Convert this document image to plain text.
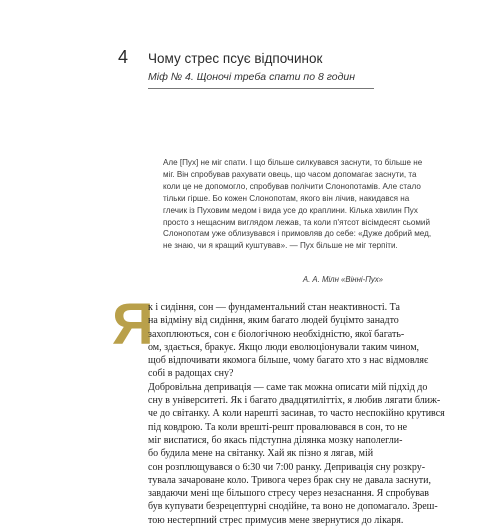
4	Чому стрес псує відпочинок
Міф № 4. Щоночі треба спати по 8 годин
Але [Пух] не міг спати. І що більше силкувався заснути, то більше не
міг. Він спробував рахувати овець, що часом допомагає заснути, та
коли це не допомогло, спробував полічити Слонопотамів. Але стало
тільки гірше. Бо кожен Слонопотам, якого він лічив, накидався на
глечик із Пуховим медом і вида уcе до краплини. Кілька хвилин Пух
просто з нещасним виглядом лежав, та коли п'ятсот вісімдесят сьомий
Слонопотам уже облизувався і примовляв до себе: «Дуже добрий мед,
не знаю, чи я кращий куштував». — Пух більше не міг терпіти.
А. А. Мілн «Вінні-Пух»
Я
к і сидіння, сон — фундаментальний стан неактивності. Та
на відміну від сидіння, яким багато людей буцімто занадто
захоплюються, сон є біологічною необхідністю, якої багать-
ом, здається, бракує. Якщо люди еволюціонували таким чином,
щоб відпочивати якомога більше, чому багато хто з нас відмовляє
собі в радощах сну?
Добровільна депривація — саме так можна описати мій підхід до
сну в університеті. Як і багато двадцятиліттіх, я любив лягати ближ-
че до світанку. А коли нарешті засинав, то часто неспокійно крутився
під ковдрою. Та коли врешті-решт провалювався в сон, то не
міг виспатися, бо якась підступна ділянка мозку наполегли-
бо будила мене на світанку. Хай як пізно я лягав, мій
сон розплющувався о 6:30 чи 7:00 ранку. Депривація сну розкру-
тувала зачароване коло. Тривога через брак сну не давала заснути,
завдаючи мені ще більшого стресу через незаснання. Я спробував
був купувати безрецептурні снодійне, та воно не допомагало. Зреш-
тою нестерпний стрес примусив мене звернутися до лікаря.
